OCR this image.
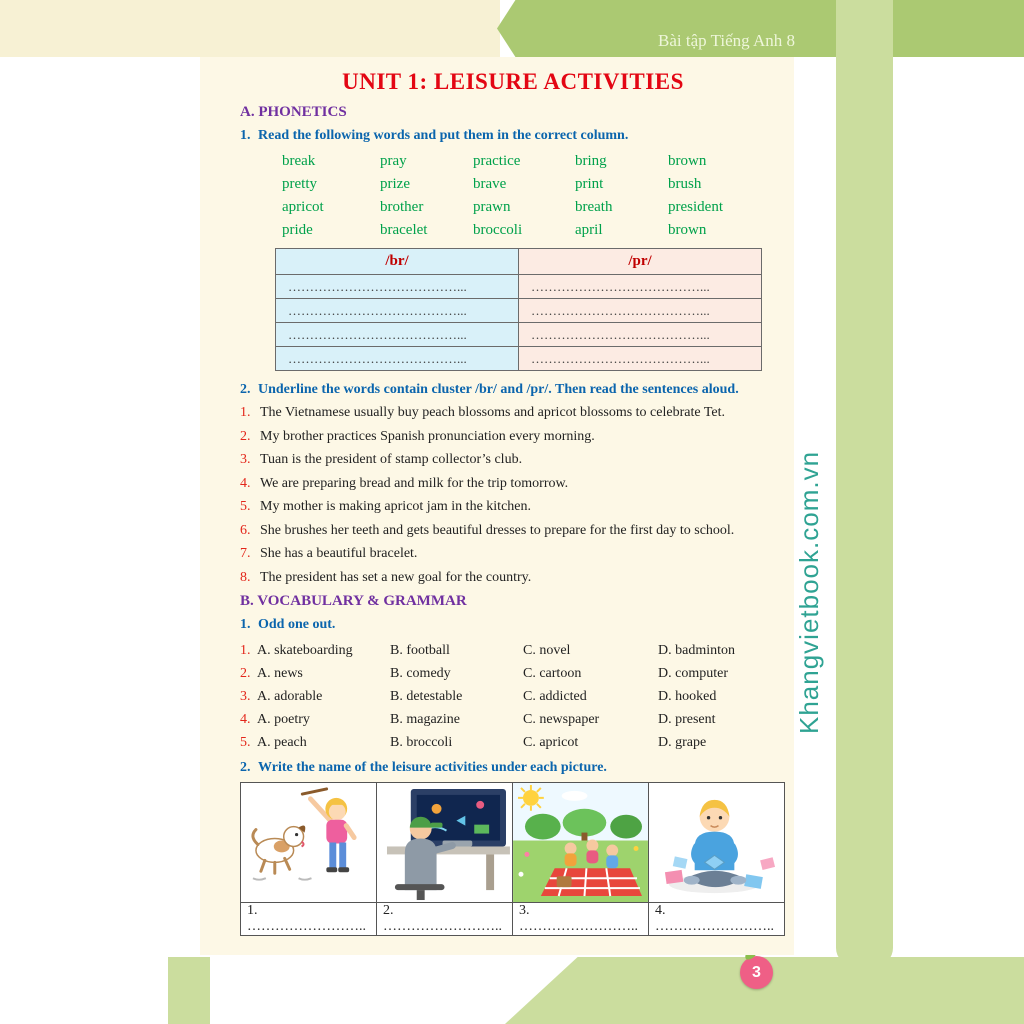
Bài tập Tiếng Anh 8
Khangvietbook.com.vn
3
UNIT 1: LEISURE ACTIVITIES
A. PHONETICS
1. Read the following words and put them in the correct column.
break	pray	practice	bring	brown
pretty	prize	brave	print	brush
apricot	brother	prawn	breath	president
pride	bracelet	broccoli	april	brown
/br/	/pr/
…………………………………...	…………………………………...
…………………………………...	…………………………………...
…………………………………...	…………………………………...
…………………………………...	…………………………………...
2. Underline the words contain cluster /br/ and /pr/. Then read the sentences aloud.
1. The Vietnamese usually buy peach blossoms and apricot blossoms to celebrate Tet.
2. My brother practices Spanish pronunciation every morning.
3. Tuan is the president of stamp collector’s club.
4. We are preparing bread and milk for the trip tomorrow.
5. My mother is making apricot jam in the kitchen.
6. She brushes her teeth and gets beautiful dresses to prepare for the first day to school.
7. She has a beautiful bracelet.
8. The president has set a new goal for the country.
B. VOCABULARY & GRAMMAR
1. Odd one out.
1. A. skateboarding	B. football	C. novel	D. badminton
2. A. news	B. comedy	C. cartoon	D. computer
3. A. adorable	B. detestable	C. addicted	D. hooked
4. A. poetry	B. magazine	C. newspaper	D. present
5. A. peach	B. broccoli	C. apricot	D. grape
2. Write the name of the leisure activities under each picture.

1. ……………………..	2. ……………………..	3. ……………………..	4. ……………………..
